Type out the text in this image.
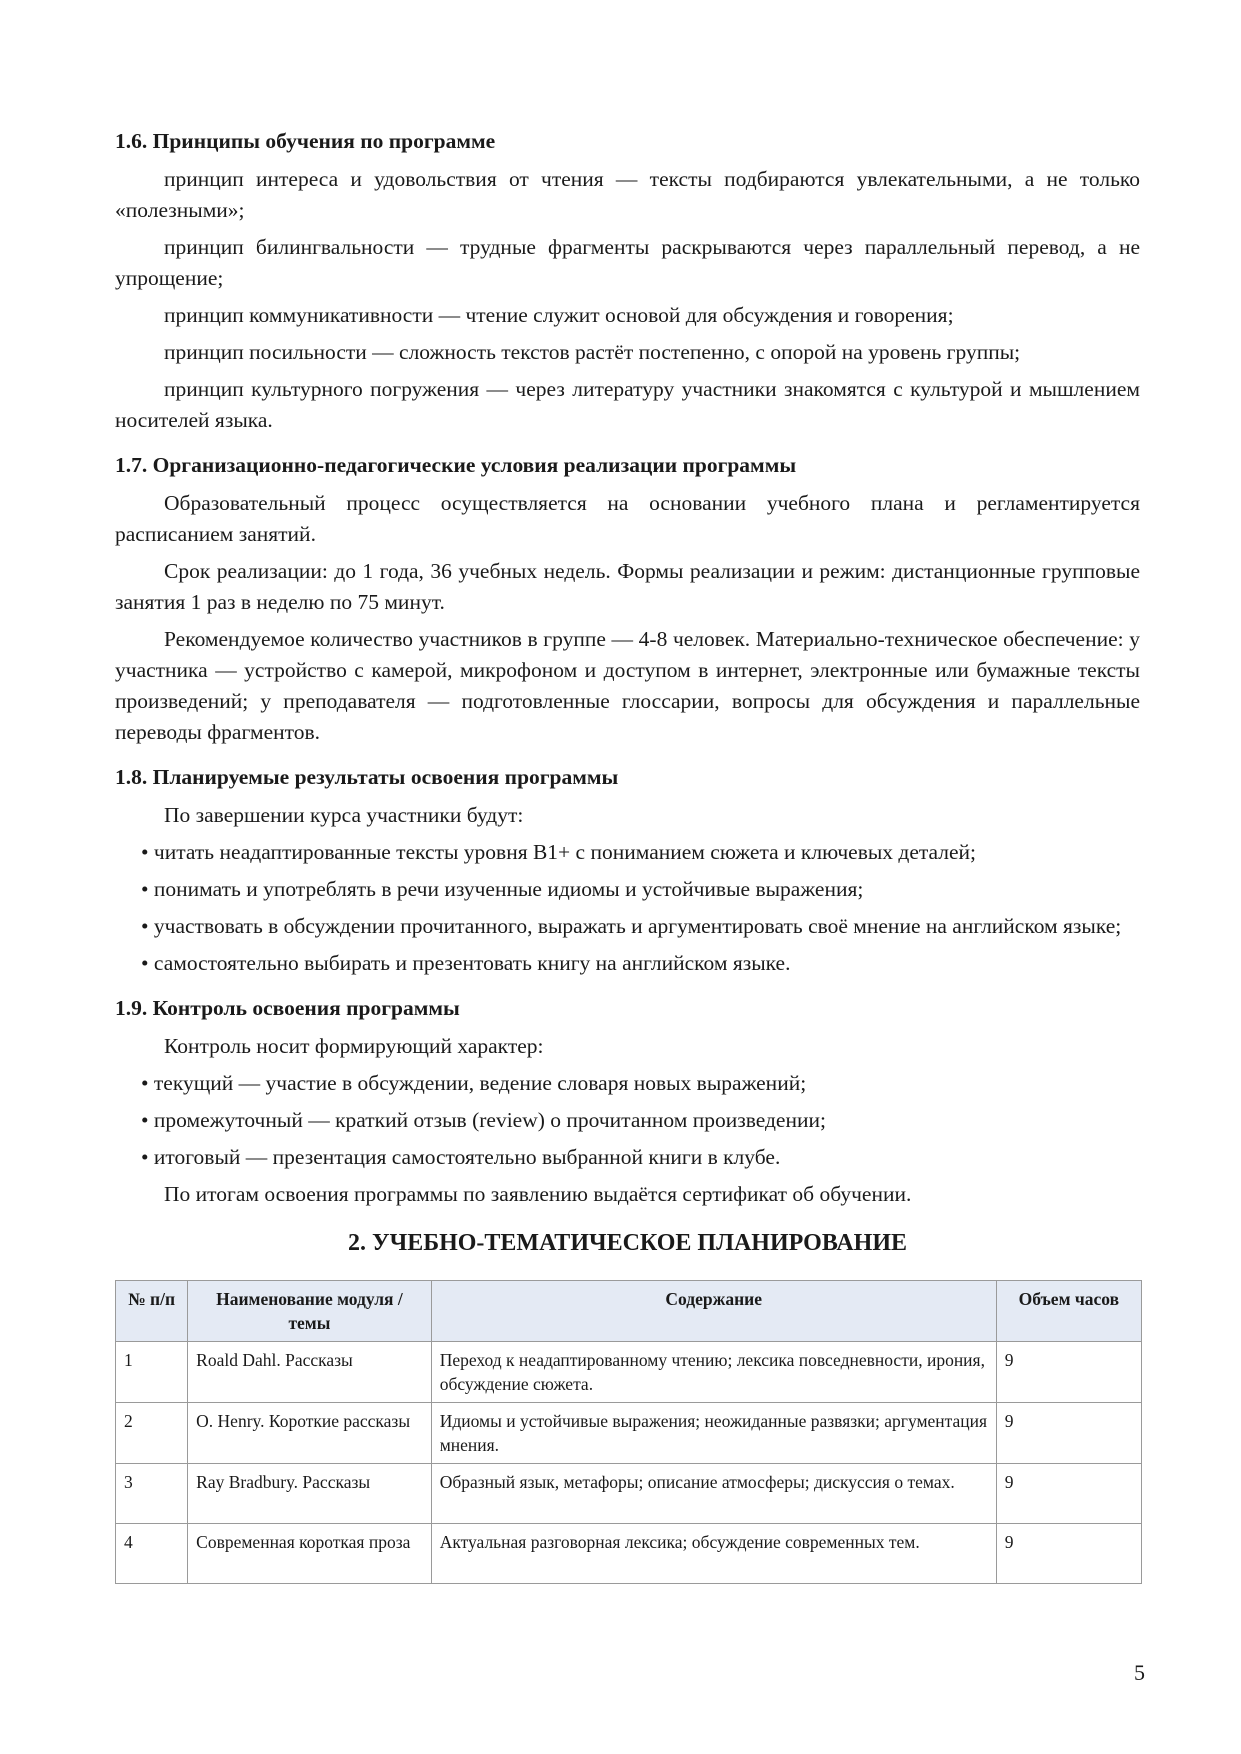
1.6. Принципы обучения по программе
принцип интереса и удовольствия от чтения — тексты подбираются увлекательными, а не только «полезными»;
принцип билингвальности — трудные фрагменты раскрываются через параллельный перевод, а не упрощение;
принцип коммуникативности — чтение служит основой для обсуждения и говорения;
принцип посильности — сложность текстов растёт постепенно, с опорой на уровень группы;
принцип культурного погружения — через литературу участники знакомятся с культурой и мышлением носителей языка.
1.7. Организационно-педагогические условия реализации программы
Образовательный процесс осуществляется на основании учебного плана и регламентируется расписанием занятий.
Срок реализации: до 1 года, 36 учебных недель. Формы реализации и режим: дистанционные групповые занятия 1 раз в неделю по 75 минут.
Рекомендуемое количество участников в группе — 4-8 человек. Материально-техническое обеспечение: у участника — устройство с камерой, микрофоном и доступом в интернет, электронные или бумажные тексты произведений; у преподавателя — подготовленные глоссарии, вопросы для обсуждения и параллельные переводы фрагментов.
1.8. Планируемые результаты освоения программы
По завершении курса участники будут:
• читать неадаптированные тексты уровня B1+ с пониманием сюжета и ключевых деталей;
• понимать и употреблять в речи изученные идиомы и устойчивые выражения;
• участвовать в обсуждении прочитанного, выражать и аргументировать своё мнение на английском языке;
• самостоятельно выбирать и презентовать книгу на английском языке.
1.9. Контроль освоения программы
Контроль носит формирующий характер:
• текущий — участие в обсуждении, ведение словаря новых выражений;
• промежуточный — краткий отзыв (review) о прочитанном произведении;
• итоговый — презентация самостоятельно выбранной книги в клубе.
По итогам освоения программы по заявлению выдаётся сертификат об обучении.
2. УЧЕБНО-ТЕМАТИЧЕСКОЕ ПЛАНИРОВАНИЕ
№ п/п	Наименование модуля / темы	Содержание	Объем часов
1	Roald Dahl. Рассказы	Переход к неадаптированному чтению; лексика повседневности, ирония, обсуждение сюжета.	9
2	O. Henry. Короткие рассказы	Идиомы и устойчивые выражения; неожиданные развязки; аргументация мнения.	9
3	Ray Bradbury. Рассказы	Образный язык, метафоры; описание атмосферы; дискуссия о темах.	9
4	Современная короткая проза	Актуальная разговорная лексика; обсуждение современных тем.	9
5
